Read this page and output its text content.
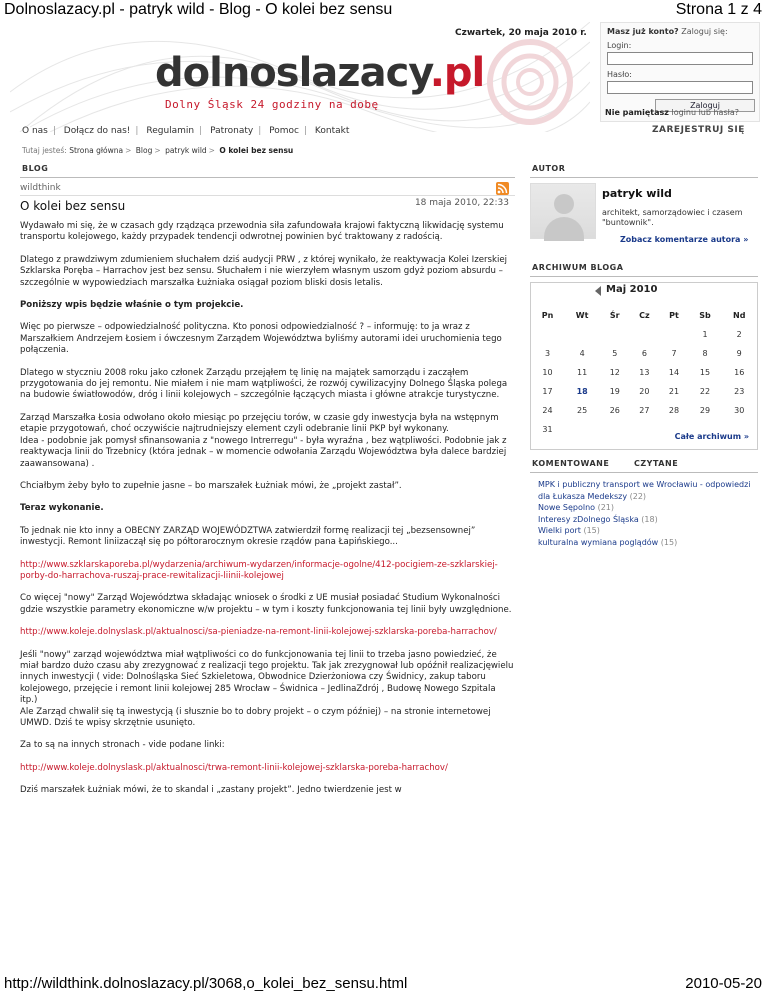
Dolnoslazacy.pl - patryk wild - Blog - O kolei bez sensu	Strona 1 z 4
Czwartek, 20 maja 2010 r.
dolnoslazacy.pl
Dolny Śląsk 24 godziny na dobę
Masz już konto? Zaloguj się:
Login:
Hasło:
Zaloguj
Nie pamiętasz loginu lub hasła?
O nas | Dołącz do nas! | Regulamin | Patronaty | Pomoc | Kontakt	ZAREJESTRUJ SIĘ
Tutaj jesteś: Strona główna > Blog > patryk wild > O kolei bez sensu
BLOG	AUTOR
wildthink
O kolei bez sensu	18 maja 2010, 22:33

Wydawało mi się, że w czasach gdy rządząca przewodnia siła zafundowała krajowi faktyczną likwidację systemu transportu kolejowego, każdy przypadek tendencji odwrotnej powinien być traktowany z radością.

Dlatego z prawdziwym zdumieniem słuchałem dziś audycji PRW , z której wynikało, że reaktywacja Kolei Izerskiej Szklarska Poręba – Harrachov jest bez sensu. Słuchałem i nie wierzyłem własnym uszom gdyż poziom absurdu – szczególnie w wypowiedziach marszałka Łużniaka osiągał poziom bliski dosis letalis.

Poniższy wpis będzie właśnie o tym projekcie.

Więc po pierwsze – odpowiedzialność polityczna. Kto ponosi odpowiedzialność ? – informuję: to ja wraz z Marszałkiem Andrzejem Łosiem i ówczesnym Zarządem Województwa byliśmy autorami idei uruchomienia tego połączenia.

Dlatego w styczniu 2008 roku jako członek Zarządu przejąłem tę linię na majątek samorządu i zacząłem przygotowania do jej remontu. Nie miałem i nie mam wątpliwości, że rozwój cywilizacyjny Dolnego Śląska polega na budowie światłowodów, dróg i linii kolejowych – szczególnie łączących miasta i główne atrakcje turystyczne.

Zarząd Marszałka Łosia odwołano około miesiąc po przejęciu torów, w czasie gdy inwestycja była na wstępnym etapie przygotowań, choć oczywiście najtrudniejszy element czyli odebranie linii PKP był wykonany.
Idea - podobnie jak pomysł sfinansowania z "nowego Intrerregu" - była wyraźna , bez wątpliwości. Podobnie jak z reaktywacja linii do Trzebnicy (która jednak – w momencie odwołania Zarządu Województwa była dalece bardziej zaawansowana) .

Chciałbym żeby było to zupełnie jasne – bo marszałek Łużniak mówi, że „projekt zastał”.

Teraz wykonanie.

To jednak nie kto inny a OBECNY ZARZĄD WOJEWÓDZTWA zatwierdził formę realizacji tej „bezsensownej” inwestycji. Remont liniizaczął się po półtorarocznym okresie rządów pana Łapińskiego...

http://www.szklarskaporeba.pl/wydarzenia/archiwum-wydarzen/informacje-ogolne/412-pocigiem-ze-szklarskiej-porby-do-harrachova-ruszaj-prace-rewitalizacji-liinii-kolejowej

Co więcej "nowy" Zarząd Województwa składając wniosek o środki z UE musiał posiadać Studium Wykonalności gdzie wszystkie parametry ekonomiczne w/w projektu – w tym i koszty funkcjonowania tej linii były uwzględnione.

http://www.koleje.dolnyslask.pl/aktualnosci/sa-pieniadze-na-remont-linii-kolejowej-szklarska-poreba-harrachov/

Jeśli "nowy" zarząd województwa miał wątpliwości co do funkcjonowania tej linii to trzeba jasno powiedzieć, że miał bardzo dużo czasu aby zrezygnować z realizacji tego projektu. Tak jak zrezygnował lub opóźnił realizacjęwielu innych inwestycji ( vide: Dolnośląska Sieć Szkieletowa, Obwodnice Dzierżoniowa czy Świdnicy, zakup taboru kolejowego, przejęcie i remont linii kolejowej 285 Wrocław – Świdnica – JedlinaZdrój , Budowę Nowego Szpitala itp.)
Ale Zarząd chwalił się tą inwestycją (i słusznie bo to dobry projekt – o czym później) – na stronie internetowej UMWD. Dziś te wpisy skrzętnie usunięto.

Za to są na innych stronach - vide podane linki:

http://www.koleje.dolnyslask.pl/aktualnosci/trwa-remont-linii-kolejowej-szklarska-poreba-harrachov/

Dziś marszałek Łużniak mówi, że to skandal i „zastany projekt”. Jedno twierdzenie jest w

patryk wild
architekt, samorządowiec i czasem "buntownik".
Zobacz komentarze autora »
ARCHIWUM BLOGA
Maj 2010
Pn	Wt	Śr	Cz	Pt	Sb	Nd
					1	2
3	4	5	6	7	8	9
10	11	12	13	14	15	16
17	18	19	20	21	22	23
24	25	26	27	28	29	30
31						
Całe archiwum »
KOMENTOWANE	CZYTANE
MPK i publiczny transport we Wrocławiu - odpowiedzi dla Łukasza Medekszy (22)
Nowe Sępolno (21)
Interesy zDolnego Śląska (18)
Wielki port (15)
kulturalna wymiana poglądów (15)
http://wildthink.dolnoslazacy.pl/3068,o_kolei_bez_sensu.html	2010-05-20
